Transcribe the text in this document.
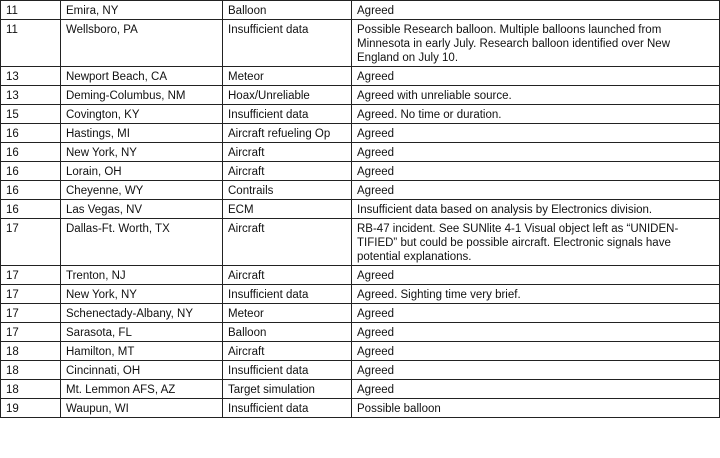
11	Emira, NY	Balloon	Agreed
11	Wellsboro, PA	Insufficient data	Possible Research balloon. Multiple balloons launched from Minnesota in early July. Research balloon identified over New England on July 10.
13	Newport Beach, CA	Meteor	Agreed
13	Deming-Columbus, NM	Hoax/Unreliable	Agreed with unreliable source.
15	Covington, KY	Insufficient data	Agreed. No time or duration.
16	Hastings, MI	Aircraft refueling Op	Agreed
16	New York, NY	Aircraft	Agreed
16	Lorain, OH	Aircraft	Agreed
16	Cheyenne, WY	Contrails	Agreed
16	Las Vegas, NV	ECM	Insufficient data based on analysis by Electronics division.
17	Dallas-Ft. Worth, TX	Aircraft	RB-47 incident. See SUNlite 4-1 Visual object left as “UNIDEN-TIFIED” but could be possible aircraft. Electronic signals have potential explanations.
17	Trenton, NJ	Aircraft	Agreed
17	New York, NY	Insufficient data	Agreed. Sighting time very brief.
17	Schenectady-Albany, NY	Meteor	Agreed
17	Sarasota, FL	Balloon	Agreed
18	Hamilton, MT	Aircraft	Agreed
18	Cincinnati, OH	Insufficient data	Agreed
18	Mt. Lemmon AFS, AZ	Target simulation	Agreed
19	Waupun, WI	Insufficient data	Possible balloon
